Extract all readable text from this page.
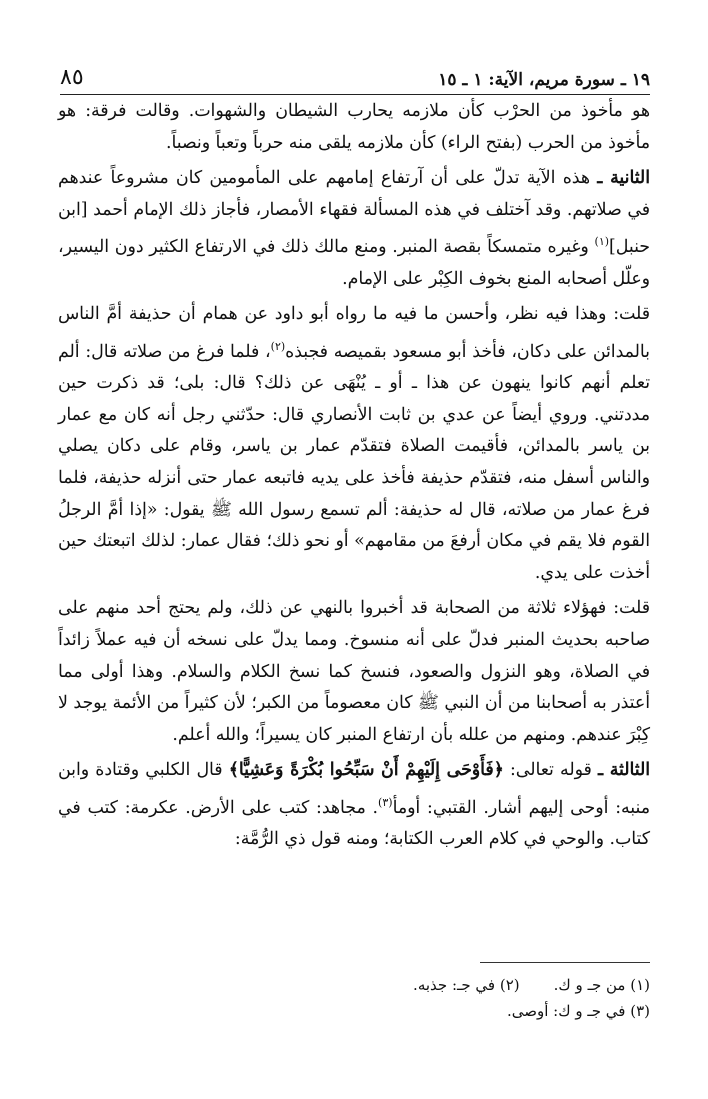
٨٥	١٩ ـ سورة مريم، الآية: ١ ـ ١٥

هو مأخوذ من الحرْب كأن ملازمه يحارب الشيطان والشهوات. وقالت فرقة: هو مأخوذ من الحرب (بفتح الراء) كأن ملازمه يلقى منه حرباً وتعباً ونصباً.

الثانية ـ هذه الآية تدلّ على أن آرتفاع إمامهم على المأمومين كان مشروعاً عندهم في صلاتهم. وقد آختلف في هذه المسألة فقهاء الأمصار، فأجاز ذلك الإمام أحمد [ابن حنبل]$^{(١)}$ وغيره متمسكاً بقصة المنبر. ومنع مالك ذلك في الارتفاع الكثير دون اليسير، وعلّل أصحابه المنع بخوف الكِبْر على الإمام.

قلت: وهذا فيه نظر، وأحسن ما فيه ما رواه أبو داود عن همام أن حذيفة أمَّ الناس بالمدائن على دكان، فأخذ أبو مسعود بقميصه فجبذه$^{(٢)}$، فلما فرغ من صلاته قال: ألم تعلم أنهم كانوا ينهون عن هذا ـ أو ـ يُنْهَى عن ذلك؟ قال: بلى؛ قد ذكرت حين مددتني. وروي أيضاً عن عدي بن ثابت الأنصاري قال: حدّثني رجل أنه كان مع عمار بن ياسر بالمدائن، فأقيمت الصلاة فتقدّم عمار بن ياسر، وقام على دكان يصلي والناس أسفل منه، فتقدّم حذيفة فأخذ على يديه فاتبعه عمار حتى أنزله حذيفة، فلما فرغ عمار من صلاته، قال له حذيفة: ألم تسمع رسول الله ﷺ يقول: «إذا أمَّ الرجلُ القوم فلا يقم في مكان أرفعَ من مقامهم» أو نحو ذلك؛ فقال عمار: لذلك اتبعتك حين أخذت على يدي.

قلت: فهؤلاء ثلاثة من الصحابة قد أخبروا بالنهي عن ذلك، ولم يحتج أحد منهم على صاحبه بحديث المنبر فدلّ على أنه منسوخ. ومما يدلّ على نسخه أن فيه عملاً زائداً في الصلاة، وهو النزول والصعود، فنسخ كما نسخ الكلام والسلام. وهذا أولى مما أعتذر به أصحابنا من أن النبي ﷺ كان معصوماً من الكبر؛ لأن كثيراً من الأئمة يوجد لا كِبْرَ عندهم. ومنهم من علله بأن ارتفاع المنبر كان يسيراً؛ والله أعلم.

الثالثة ـ قوله تعالى: ﴿فَأَوْحَى إِلَيْهِمْ أَنْ سَبِّحُوا بُكْرَةً وَعَشِيًّا﴾ قال الكلبي وقتادة وابن منبه: أوحى إليهم أشار. القتبي: أومأ$^{(٣)}$. مجاهد: كتب على الأرض. عكرمة: كتب في كتاب. والوحي في كلام العرب الكتابة؛ ومنه قول ذي الرُّمَّة:

(١) من جـ و ك.
(٢) في جـ: جذبه.
(٣) في جـ و ك: أوصى.
